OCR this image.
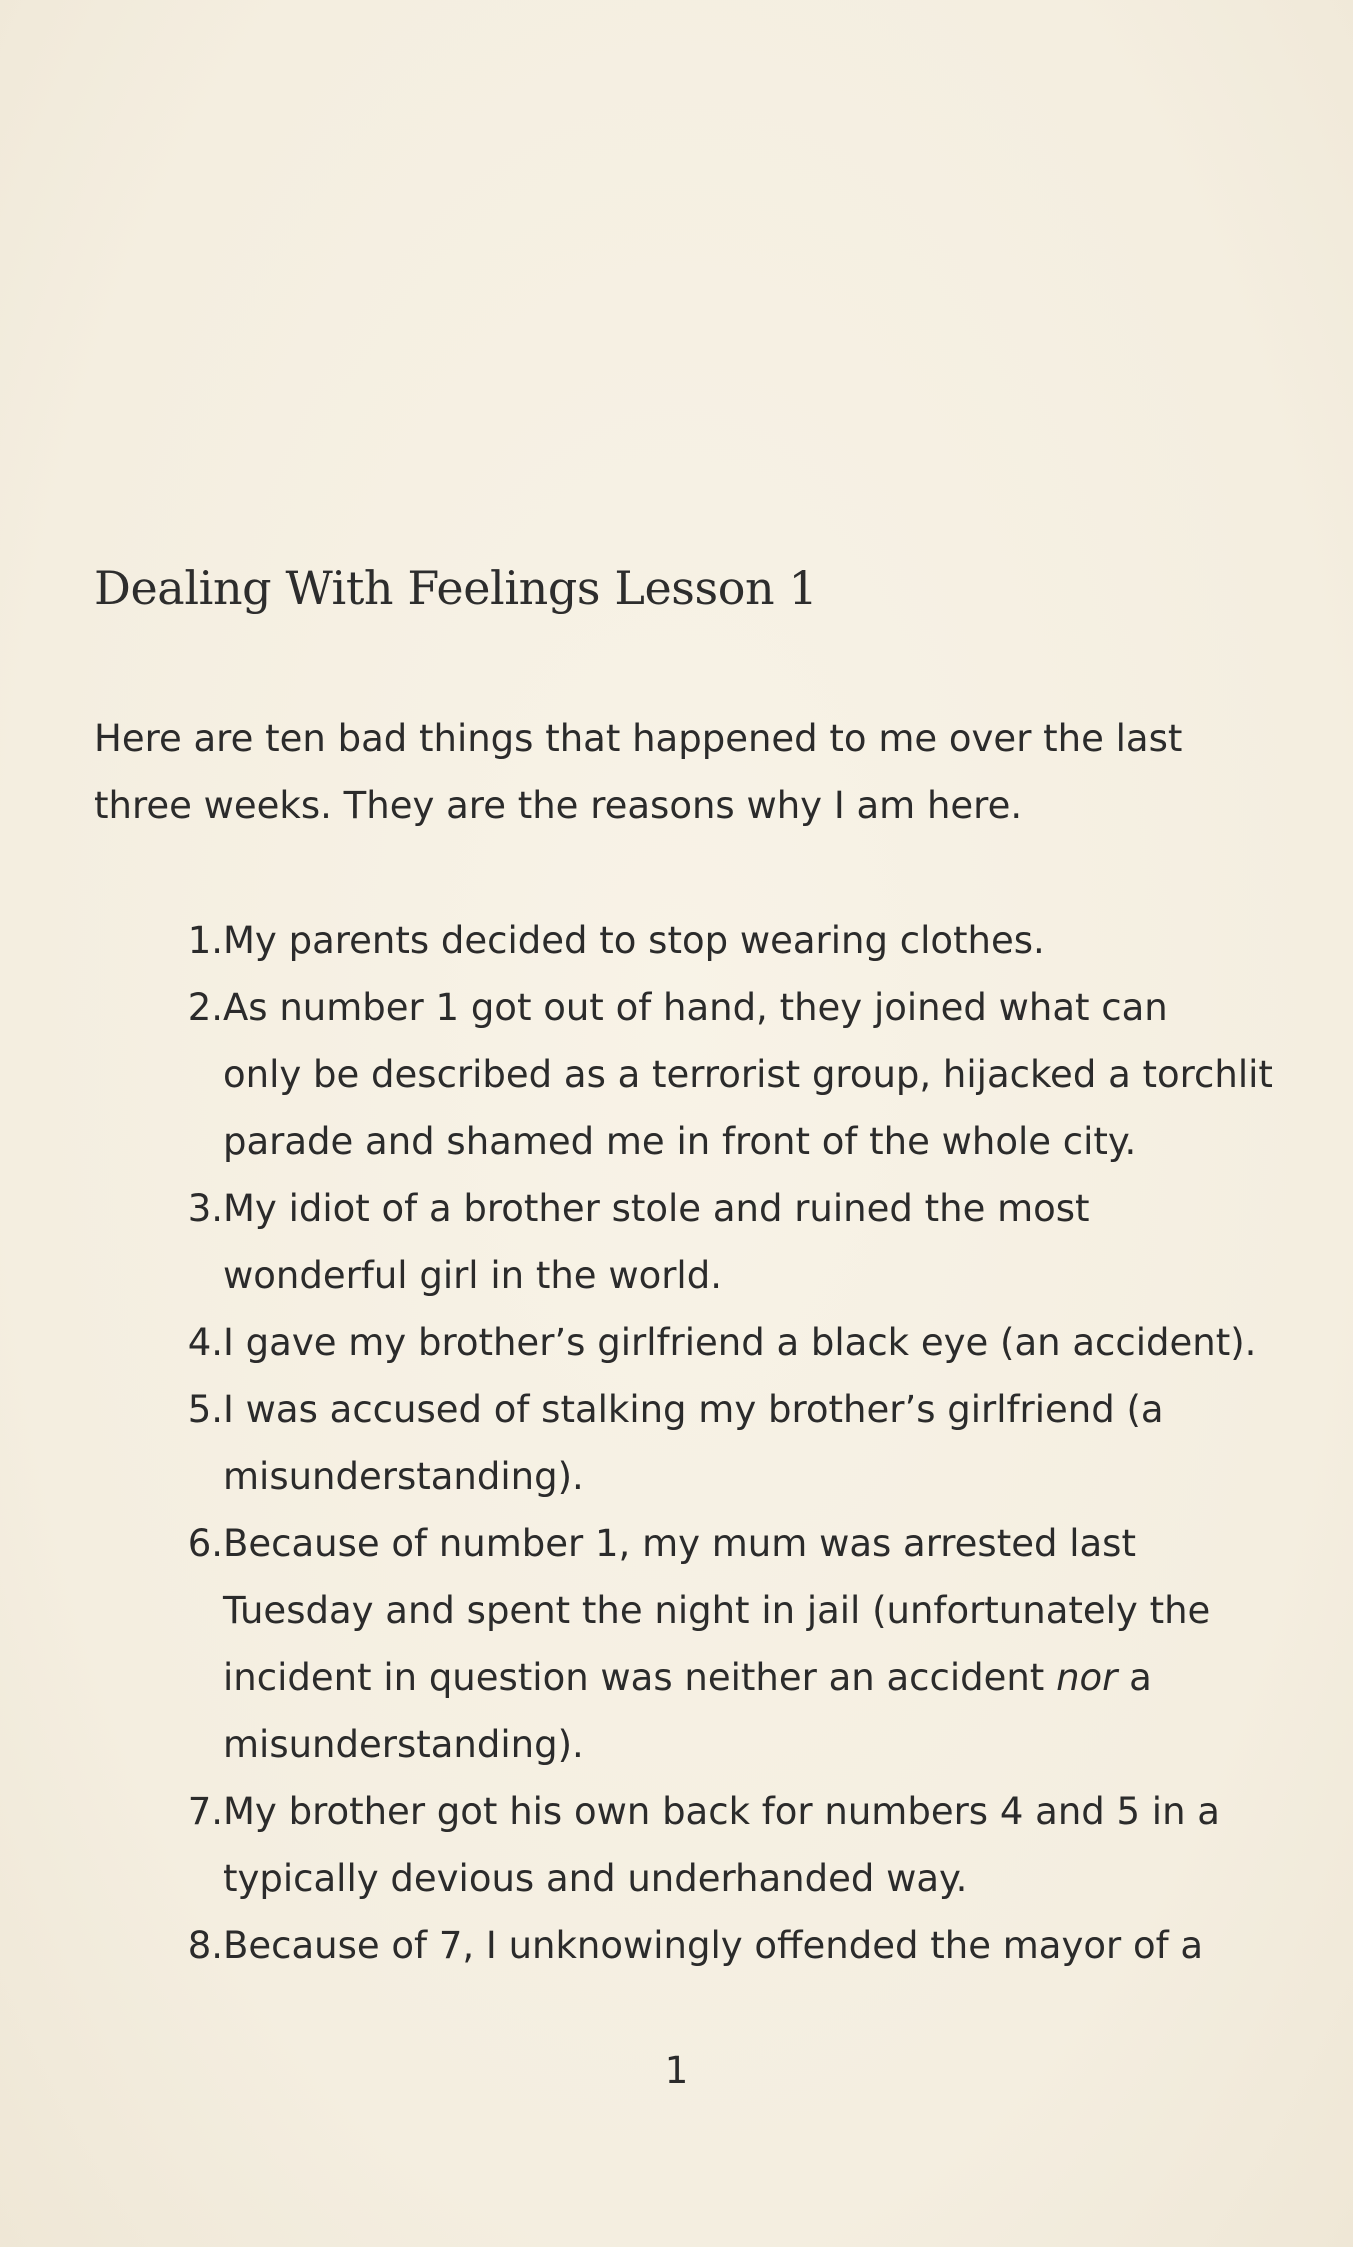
Dealing With Feelings Lesson 1

Here are ten bad things that happened to me over the last
three weeks. They are the reasons why I am here.

1. My parents decided to stop wearing clothes.
2. As number 1 got out of hand, they joined what can
only be described as a terrorist group, hijacked a torchlit
parade and shamed me in front of the whole city.
3. My idiot of a brother stole and ruined the most
wonderful girl in the world.
4. I gave my brother’s girlfriend a black eye (an accident).
5. I was accused of stalking my brother’s girlfriend (a
misunderstanding).
6. Because of number 1, my mum was arrested last
Tuesday and spent the night in jail (unfortunately the
incident in question was neither an accident nor a
misunderstanding).
7. My brother got his own back for numbers 4 and 5 in a
typically devious and underhanded way.
8. Because of 7, I unknowingly offended the mayor of a
1
